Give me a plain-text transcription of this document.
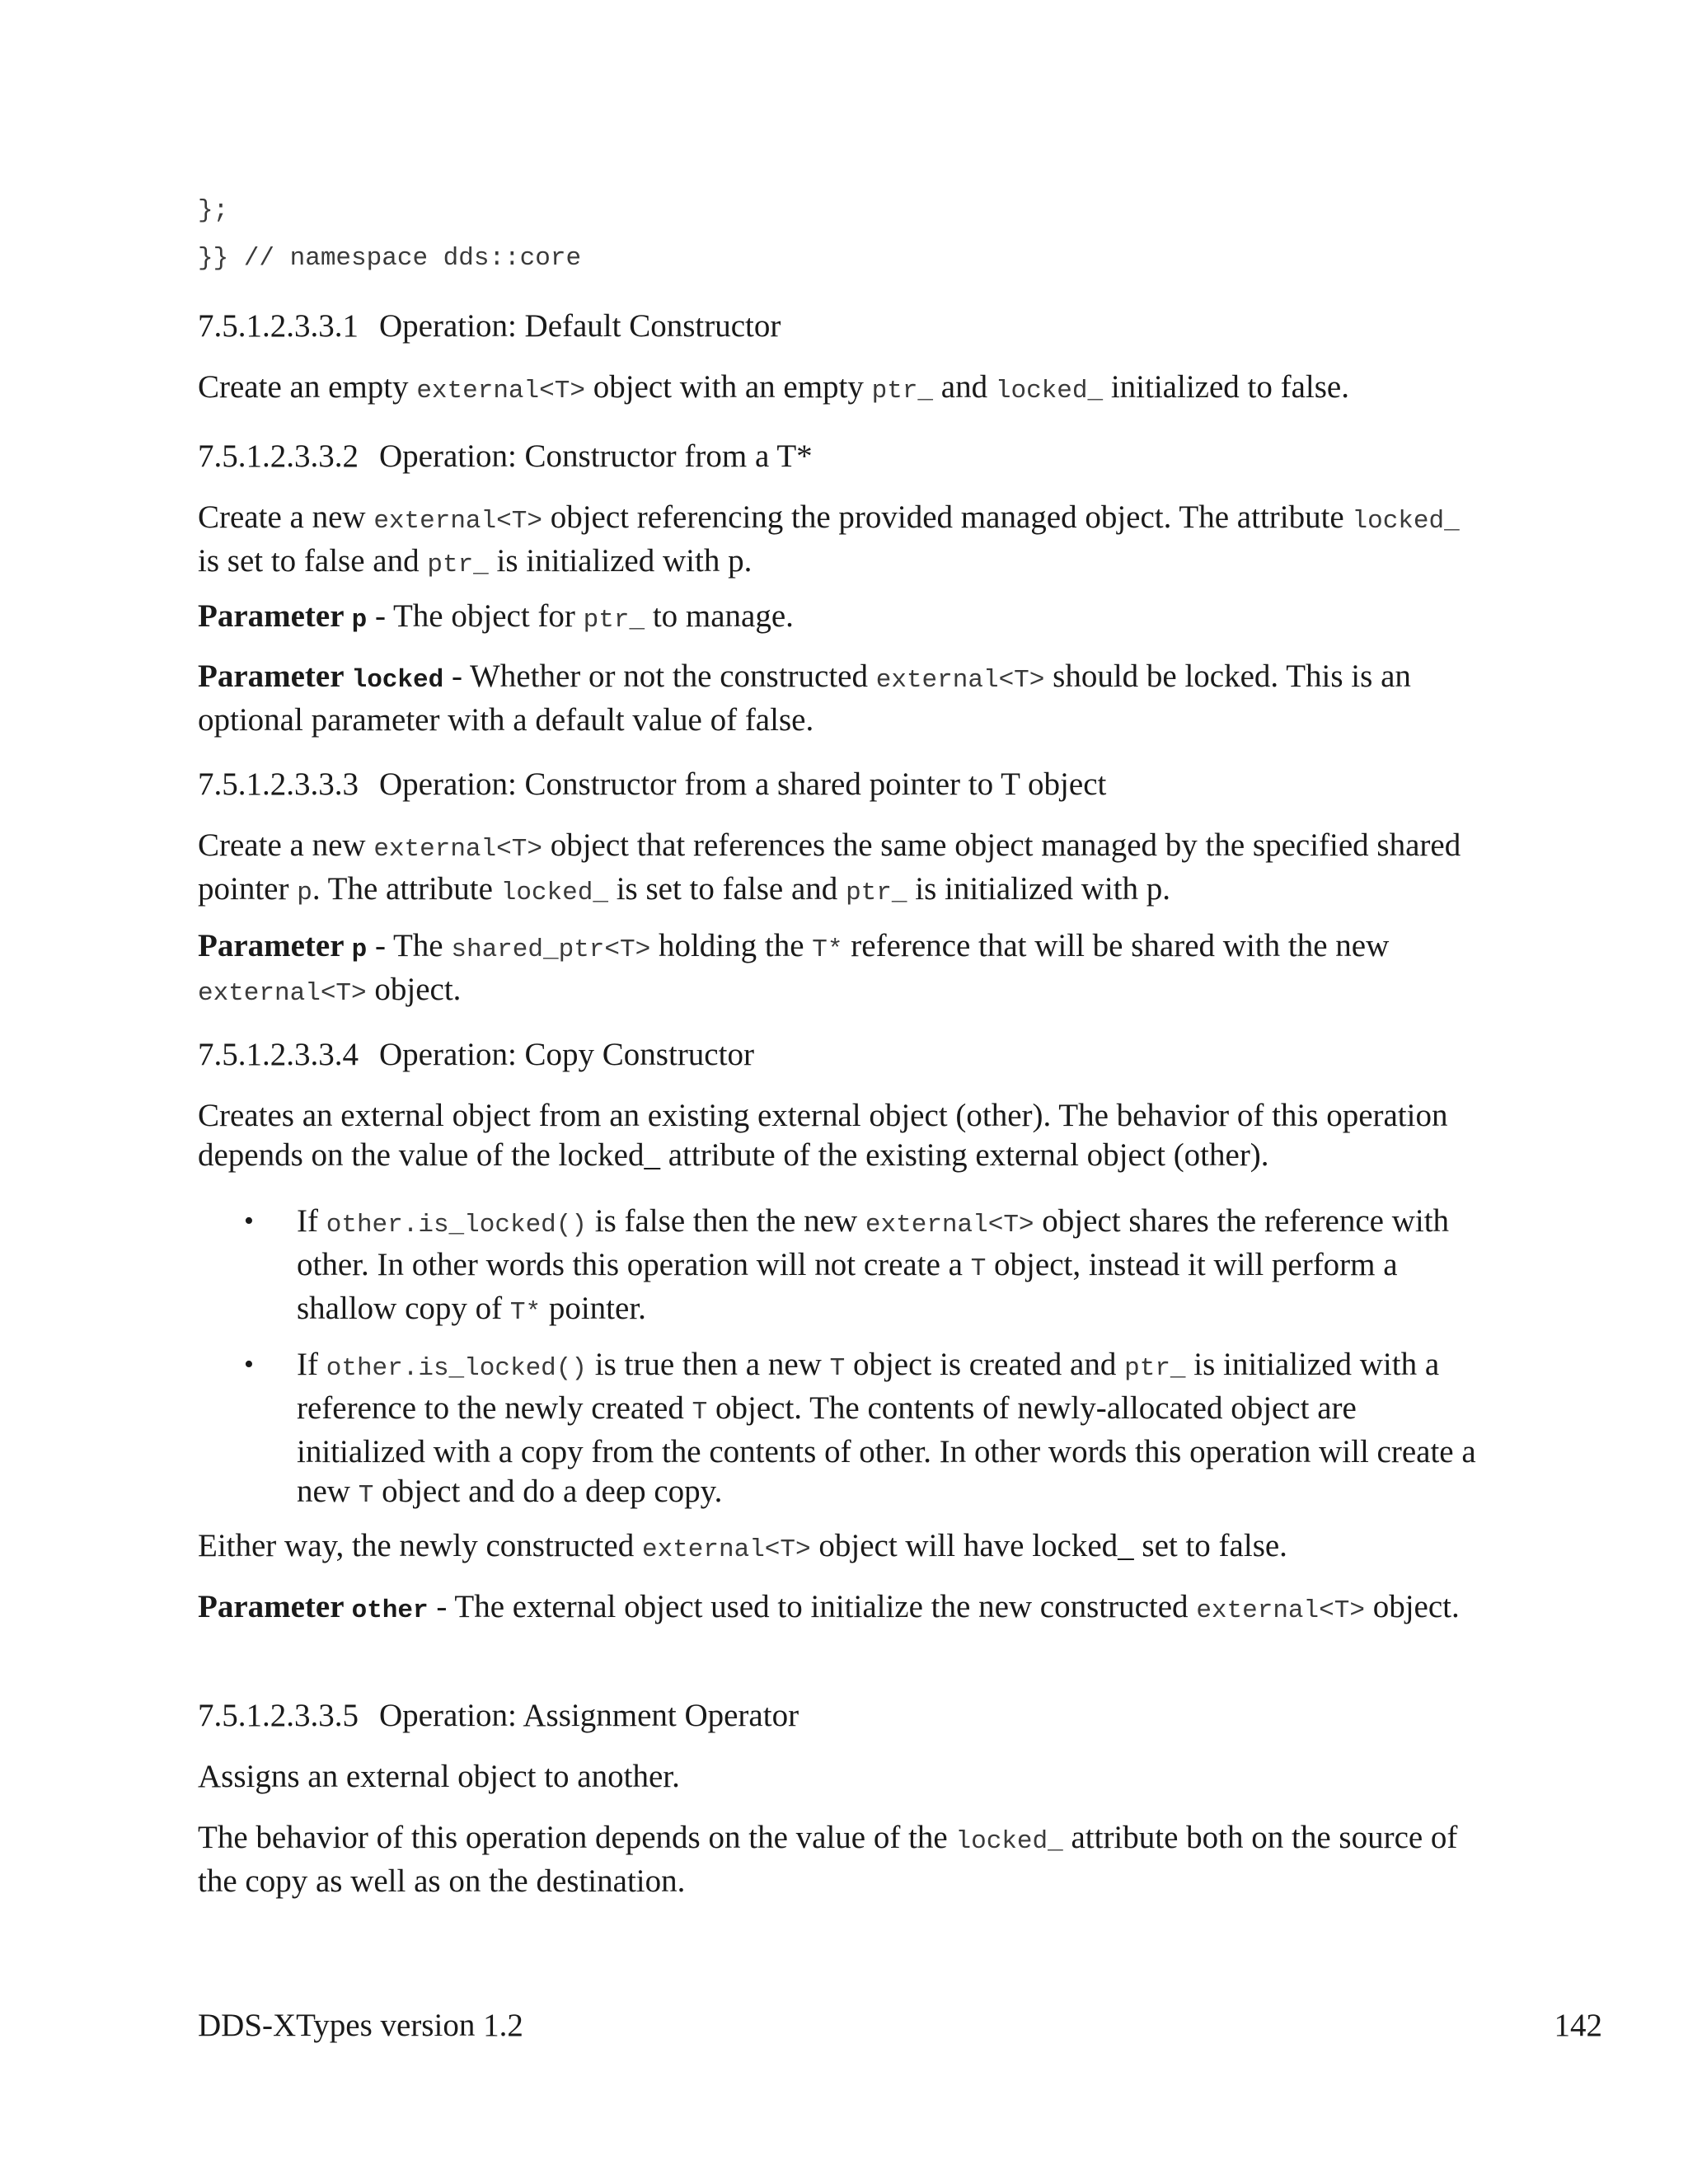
};
}} // namespace dds::core
7.5.1.2.3.3.1 Operation: Default Constructor

Create an empty external<T> object with an empty ptr_ and locked_ initialized to false.

7.5.1.2.3.3.2 Operation: Constructor from a T*

Create a new external<T> object referencing the provided managed object. The attribute locked_ is set to false and ptr_ is initialized with p.

Parameter p - The object for ptr_ to manage.

Parameter locked - Whether or not the constructed external<T> should be locked. This is an optional parameter with a default value of false.

7.5.1.2.3.3.3 Operation: Constructor from a shared pointer to T object

Create a new external<T> object that references the same object managed by the specified shared pointer p. The attribute locked_ is set to false and ptr_ is initialized with p.

Parameter p - The shared_ptr<T> holding the T* reference that will be shared with the new external<T> object.

7.5.1.2.3.3.4 Operation: Copy Constructor

Creates an external object from an existing external object (other). The behavior of this operation depends on the value of the locked_ attribute of the existing external object (other).

• If other.is_locked() is false then the new external<T> object shares the reference with other. In other words this operation will not create a T object, instead it will perform a shallow copy of T* pointer.

• If other.is_locked() is true then a new T object is created and ptr_ is initialized with a reference to the newly created T object. The contents of newly-allocated object are initialized with a copy from the contents of other. In other words this operation will create a new T object and do a deep copy.

Either way, the newly constructed external<T> object will have locked_ set to false.

Parameter other - The external object used to initialize the new constructed external<T> object.

7.5.1.2.3.3.5 Operation: Assignment Operator

Assigns an external object to another.

The behavior of this operation depends on the value of the locked_ attribute both on the source of the copy as well as on the destination.

DDS-XTypes version 1.2	142
